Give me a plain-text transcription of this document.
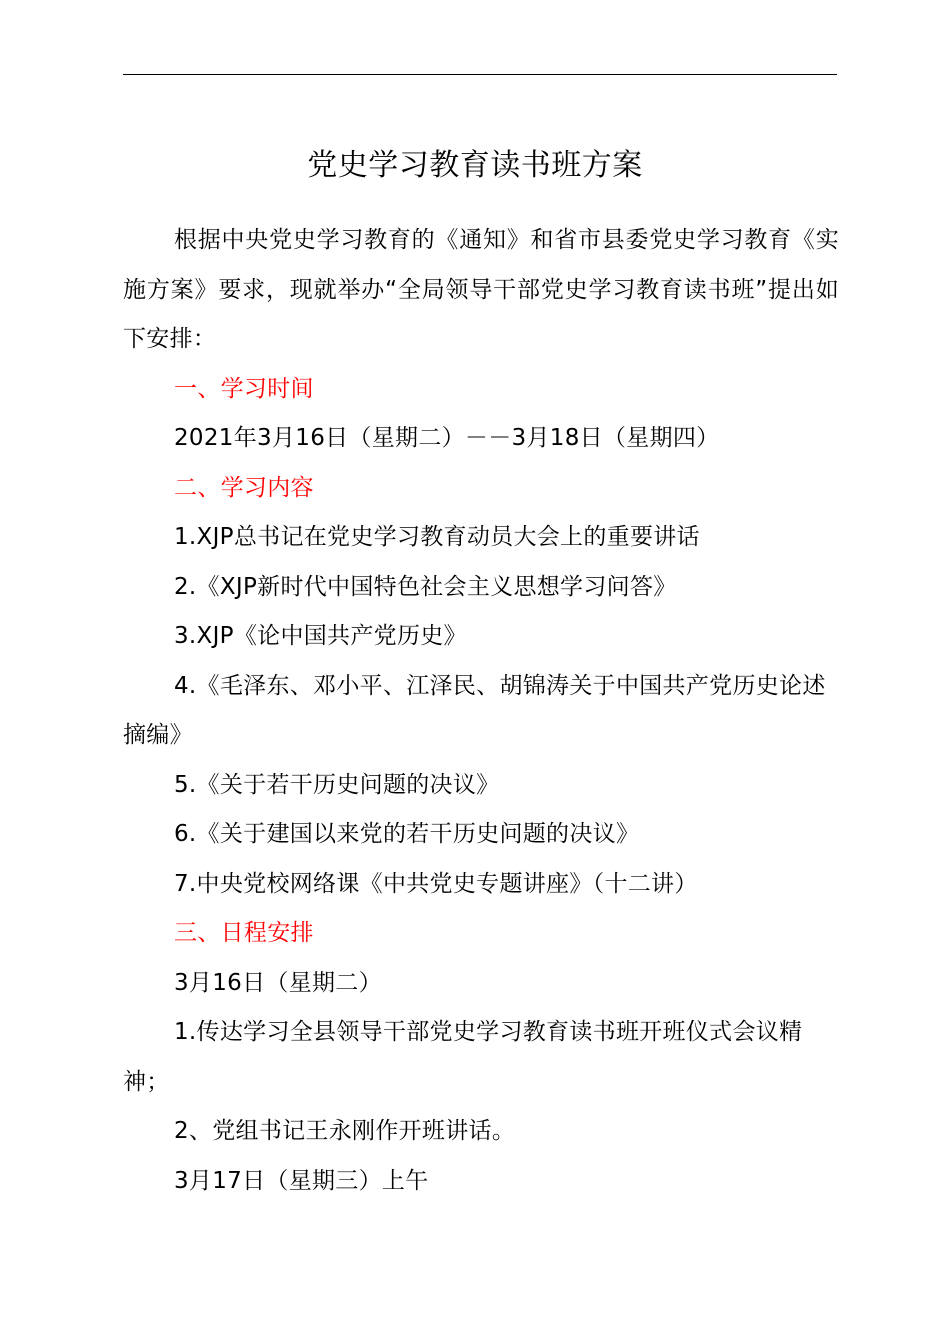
党史学习教育读书班方案

根据中央党史学习教育的《通知》和省市县委党史学习教育《实施方案》要求，现就举办“全局领导干部党史学习教育读书班”提出如下安排：

一、学习时间

2021年3月16日（星期二）－－3月18日（星期四）

二、学习内容

1.XJP总书记在党史学习教育动员大会上的重要讲话

2.《XJP新时代中国特色社会主义思想学习问答》

3.XJP《论中国共产党历史》

4.《毛泽东、邓小平、江泽民、胡锦涛关于中国共产党历史论述摘编》

5.《关于若干历史问题的决议》

6.《关于建国以来党的若干历史问题的决议》

7.中央党校网络课《中共党史专题讲座》（十二讲）

三、日程安排

3月16日（星期二）

1.传达学习全县领导干部党史学习教育读书班开班仪式会议精神；

2、党组书记王永刚作开班讲话。

3月17日（星期三）上午
